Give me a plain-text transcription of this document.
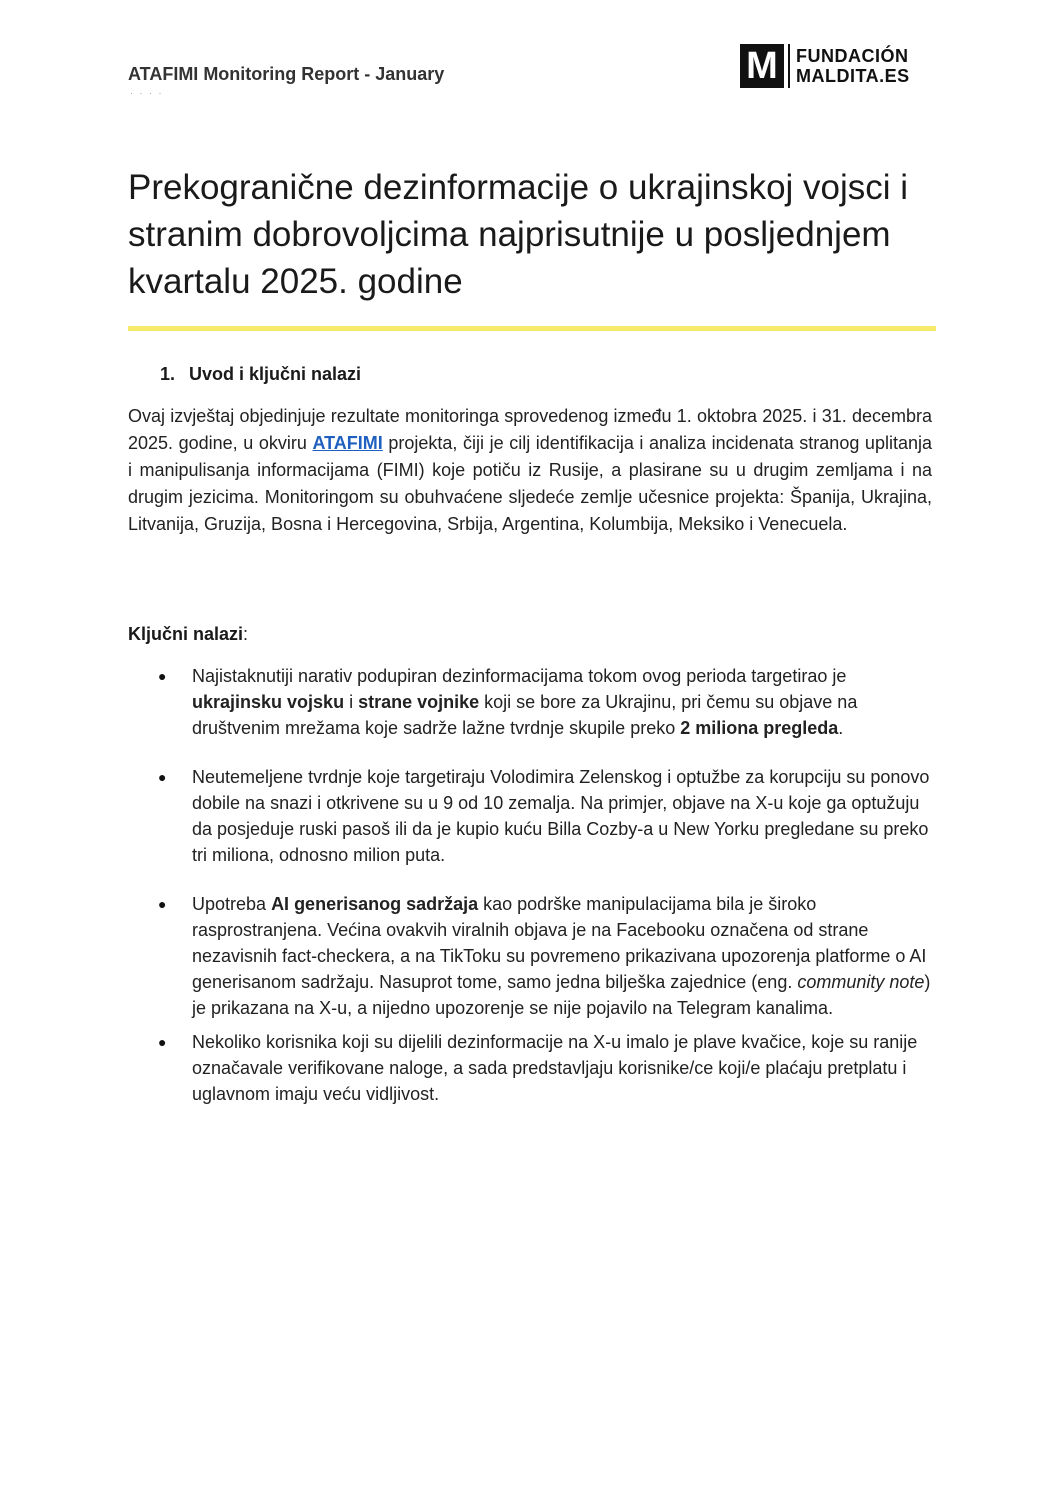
ATAFIMI Monitoring Report - January
· · · ·
M	FUNDACIÓN
MALDITA.ES
Prekogranične dezinformacije o ukrajinskoj vojsci i stranim dobrovoljcima najprisutnije u posljednjem kvartalu 2025. godine
1. Uvod i ključni nalazi

Ovaj izvještaj objedinjuje rezultate monitoringa sprovedenog između 1. oktobra 2025. i 31. decembra 2025. godine, u okviru ATAFIMI projekta, čiji je cilj identifikacija i analiza incidenata stranog uplitanja i manipulisanja informacijama (FIMI) koje potiču iz Rusije, a plasirane su u drugim zemljama i na drugim jezicima. Monitoringom su obuhvaćene sljedeće zemlje učesnice projekta: Španija, Ukrajina, Litvanija, Gruzija, Bosna i Hercegovina, Srbija, Argentina, Kolumbija, Meksiko i Venecuela.

Ključni nalazi:
● Najistaknutiji narativ podupiran dezinformacijama tokom ovog perioda targetirao je ukrajinsku vojsku i strane vojnike koji se bore za Ukrajinu, pri čemu su objave na društvenim mrežama koje sadrže lažne tvrdnje skupile preko 2 miliona pregleda.
● Neutemeljene tvrdnje koje targetiraju Volodimira Zelenskog i optužbe za korupciju su ponovo dobile na snazi i otkrivene su u 9 od 10 zemalja. Na primjer, objave na X-u koje ga optužuju da posjeduje ruski pasoš ili da je kupio kuću Billa Cozby-a u New Yorku pregledane su preko tri miliona, odnosno milion puta.
● Upotreba AI generisanog sadržaja kao podrške manipulacijama bila je široko rasprostranjena. Većina ovakvih viralnih objava je na Facebooku označena od strane nezavisnih fact-checkera, a na TikToku su povremeno prikazivana upozorenja platforme o AI generisanom sadržaju. Nasuprot tome, samo jedna bilješka zajednice (eng. community note) je prikazana na X-u, a nijedno upozorenje se nije pojavilo na Telegram kanalima.
● Nekoliko korisnika koji su dijelili dezinformacije na X-u imalo je plave kvačice, koje su ranije označavale verifikovane naloge, a sada predstavljaju korisnike/ce koji/e plaćaju pretplatu i uglavnom imaju veću vidljivost.
